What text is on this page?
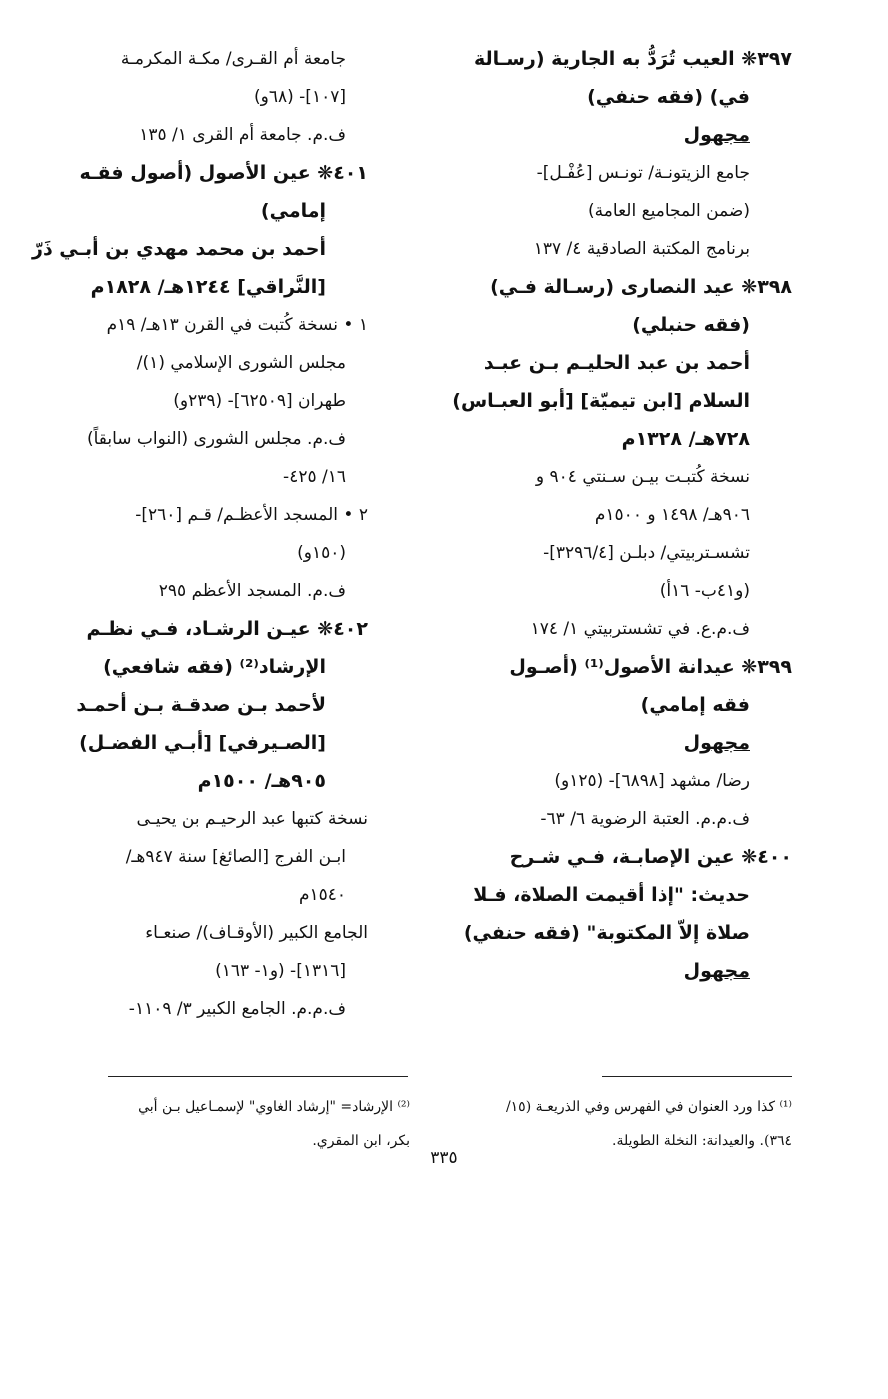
٣٩٧❋ العيب تُرَدُّ به الجارية (رسـالة
في) (فقه حنفي)
مجهول
جامع الزيتونـة/ تونـس [عُفْـل]-
(ضمن المجاميع العامة)
برنامج المكتبة الصادقية ٤/ ١٣٧
٣٩٨❋ عيد النصارى (رسـالة فـي)
(فقه حنبلي)
أحمد بن عبد الحليـم بـن عبـد
السلام [ابن تيميّة] [أبو العبـاس)
٧٢٨هـ/ ١٣٢٨م
نسخة كُتبـت بيـن سـنتي ٩٠٤ و
٩٠٦هـ/ ١٤٩٨ و ١٥٠٠م
تشسـتربيتي/ دبلـن [٣٢٩٦/٤]-
(و٤١ب- ١٦أ)
ف.م.ع. في تشستربيتي ١/ ١٧٤
٣٩٩❋ عيدانة الأصول⁽¹⁾ (أصـول
فقه إمامي)
مجهول
رضا/ مشهد [٦٨٩٨]- (١٢٥و)
ف.م.م. العتبة الرضوية ٦/ ٦٣-
٤٠٠❋ عين الإصابـة، فـي شـرح
حديث: "إذا أقيمت الصلاة، فـلا
صلاة إلاّ المكتوبة" (فقه حنفي)
مجهول
جامعة أم القـرى/ مكـة المكرمـة
[١٠٧]- (٦٨و)
ف.م. جامعة أم القرى ١/ ١٣٥
٤٠١❋ عين الأصول (أصول فقـه
إمامي)
أحمد بن محمد مهدي بن أبـي ذَرّ
[النَّراقي] ١٢٤٤هـ/ ١٨٢٨م
١ • نسخة كُتبت في القرن ١٣هـ/ ١٩م
مجلس الشورى الإسلامي (١)/
طهران [٦٢٥٠٩]- (٢٣٩و)
ف.م. مجلس الشورى (النواب سابقاً)
١٦/ ٤٢٥-
٢ • المسجد الأعظـم/ قـم [٢٦٠]-
(١٥٠و)
ف.م. المسجد الأعظم ٢٩٥
٤٠٢❋ عيـن الرشـاد، فـي نظـم
الإرشاد⁽²⁾ (فقه شافعي)
لأحمد بـن صدقـة بـن أحمـد
[الصـيرفي] [أبـي الفضـل)
٩٠٥هـ/ ١٥٠٠م
نسخة كتبها عبد الرحيـم بن يحيـى
ابـن الفرج [الصائغ] سنة ٩٤٧هـ/
١٥٤٠م
الجامع الكبير (الأوقـاف)/ صنعـاء
[١٣١٦]- (و١- ١٦٣)
ف.م.م. الجامع الكبير ٣/ ١١٠٩-
⁽¹⁾ كذا ورد العنوان في الفهرس وفي الذريعـة (١٥/
٣٦٤). والعيدانة: النخلة الطويلة.
⁽²⁾ الإرشاد= "إرشاد الغاوي" لإسمـاعيل بـن أبي
بكر، ابن المقري.
٣٣٥
